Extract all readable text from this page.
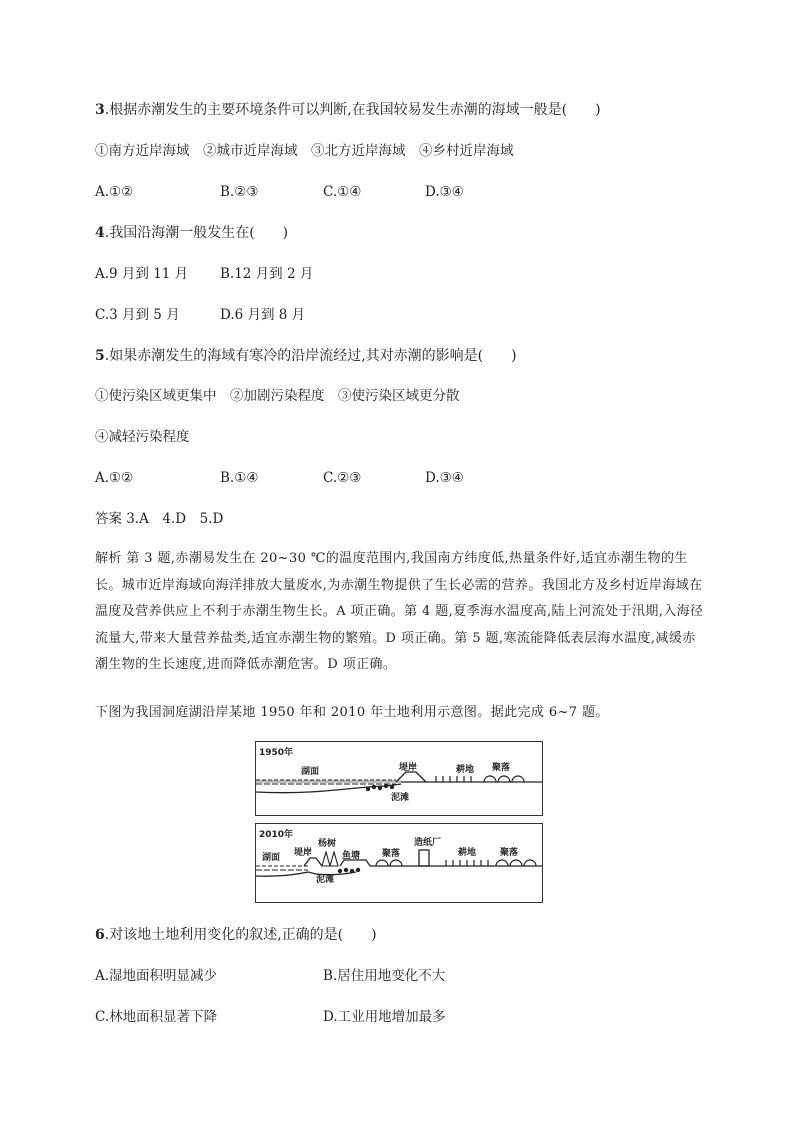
3.根据赤潮发生的主要环境条件可以判断,在我国较易发生赤潮的海域一般是(　　)
①南方近岸海域　②城市近岸海域　③北方近岸海域　④乡村近岸海域
A.①②	B.②③	C.①④	D.③④
4.我国沿海潮一般发生在(　　)
A.9 月到 11 月 B.12 月到 2 月
C.3 月到 5 月	D.6 月到 8 月
5.如果赤潮发生的海域有寒冷的沿岸流经过,其对赤潮的影响是(　　)
①使污染区域更集中　②加剧污染程度　③使污染区域更分散
④减轻污染程度
A.①②	B.①④	C.②③	D.③④
答案 3.A　4.D　5.D
解析 第 3 题,赤潮易发生在 20~30 ℃的温度范围内,我国南方纬度低,热量条件好,适宜赤潮生物的生长。城市近岸海域向海洋排放大量废水,为赤潮生物提供了生长必需的营养。我国北方及乡村近岸海域在温度及营养供应上不利于赤潮生物生长。A 项正确。第 4 题,夏季海水温度高,陆上河流处于汛期,入海径流量大,带来大量营养盐类,适宜赤潮生物的繁殖。D 项正确。第 5 题,寒流能降低表层海水温度,减缓赤潮生物的生长速度,进而降低赤潮危害。D 项正确。
下图为我国洞庭湖沿岸某地 1950 年和 2010 年土地利用示意图。据此完成 6~7 题。
1950年
湖面
泥滩
堤岸	耕地 聚落
2010年
湖面 堤岸
杨树
鱼塘
泥滩
聚落
造纸厂
耕地	聚落
6.对该地土地利用变化的叙述,正确的是(　　)
A.湿地面积明显减少	B.居住用地变化不大
C.林地面积显著下降	D.工业用地增加最多
